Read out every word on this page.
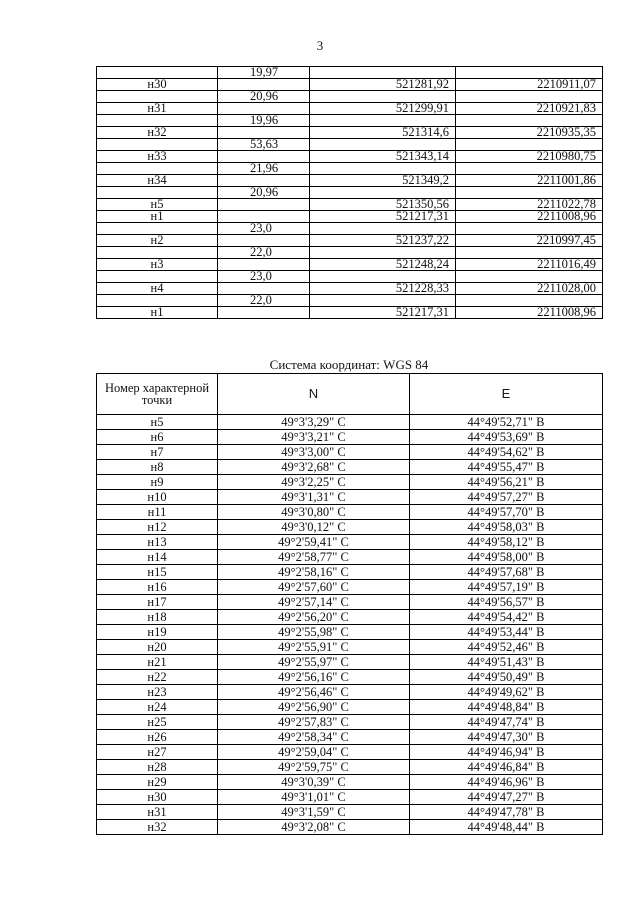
3
	19,97		
н30		521281,92	2210911,07
	20,96		
н31		521299,91	2210921,83
	19,96		
н32		521314,6	2210935,35
	53,63		
н33		521343,14	2210980,75
	21,96		
н34		521349,2	2211001,86
	20,96		
н5		521350,56	2211022,78
н1		521217,31	2211008,96
	23,0		
н2		521237,22	2210997,45
	22,0		
н3		521248,24	2211016,49
	23,0		
н4		521228,33	2211028,00
	22,0		
н1		521217,31	2211008,96
Система координат: WGS 84
Номер характерной точки	N	E
н5	49°3'3,29" С	44°49'52,71" В
н6	49°3'3,21" С	44°49'53,69" В
н7	49°3'3,00" С	44°49'54,62" В
н8	49°3'2,68" С	44°49'55,47" В
н9	49°3'2,25" С	44°49'56,21" В
н10	49°3'1,31" С	44°49'57,27" В
н11	49°3'0,80" С	44°49'57,70" В
н12	49°3'0,12" С	44°49'58,03" В
н13	49°2'59,41" С	44°49'58,12" В
н14	49°2'58,77" С	44°49'58,00" В
н15	49°2'58,16" С	44°49'57,68" В
н16	49°2'57,60" С	44°49'57,19" В
н17	49°2'57,14" С	44°49'56,57" В
н18	49°2'56,20" С	44°49'54,42" В
н19	49°2'55,98" С	44°49'53,44" В
н20	49°2'55,91" С	44°49'52,46" В
н21	49°2'55,97" С	44°49'51,43" В
н22	49°2'56,16" С	44°49'50,49" В
н23	49°2'56,46" С	44°49'49,62" В
н24	49°2'56,90" С	44°49'48,84" В
н25	49°2'57,83" С	44°49'47,74" В
н26	49°2'58,34" С	44°49'47,30" В
н27	49°2'59,04" С	44°49'46,94" В
н28	49°2'59,75" С	44°49'46,84" В
н29	49°3'0,39" С	44°49'46,96" В
н30	49°3'1,01" С	44°49'47,27" В
н31	49°3'1,59" С	44°49'47,78" В
н32	49°3'2,08" С	44°49'48,44" В
